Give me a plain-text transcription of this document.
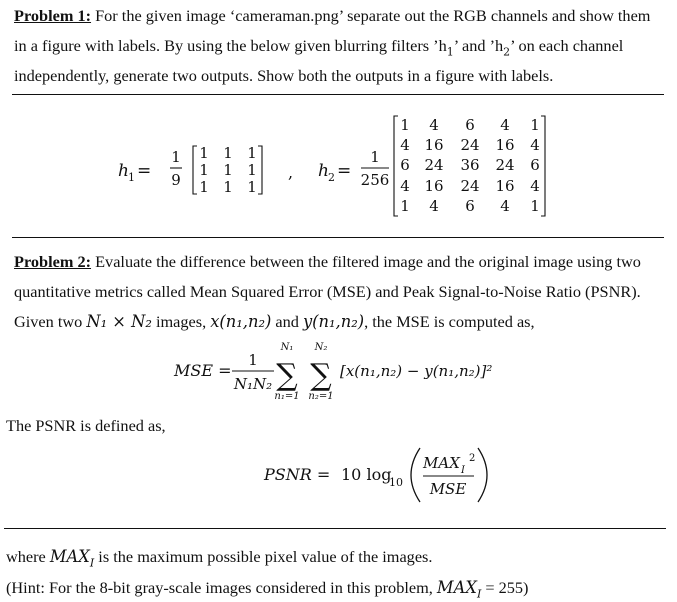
Problem 1: For the given image ‘cameraman.png’ separate out the RGB channels and show them
in a figure with labels. By using the below given blurring filters $’h_1$’ and $’h_2$’ on each channel
independently, generate two outputs. Show both the outputs in a figure with labels.
h 1 =
1
9
1 1 1
1 1 1
1 1 1
, h 2 =
1
256
1 4 6 4 1
4 16 24 16 4
6 24 36 24 6
4 16 24 16 4
1 4 6 4 1
Problem 2: Evaluate the difference between the filtered image and the original image using two
quantitative metrics called Mean Squared Error (MSE) and Peak Signal-to-Noise Ratio (PSNR).
Given two N₁ × N₂ images, x(n₁,n₂) and y(n₁,n₂), the MSE is computed as,
MSE =
1
N₁N₂
N₁
∑
n₁=1
N₂
∑
n₂=1
[x(n₁,n₂) − y(n₁,n₂)]²
The PSNR is defined as,
PSNR = 10 log
10
MAX I
2
MSE
where $MAX_I$ is the maximum possible pixel value of the images.
(Hint: For the 8-bit gray-scale images considered in this problem, $MAX_I = 255$)
